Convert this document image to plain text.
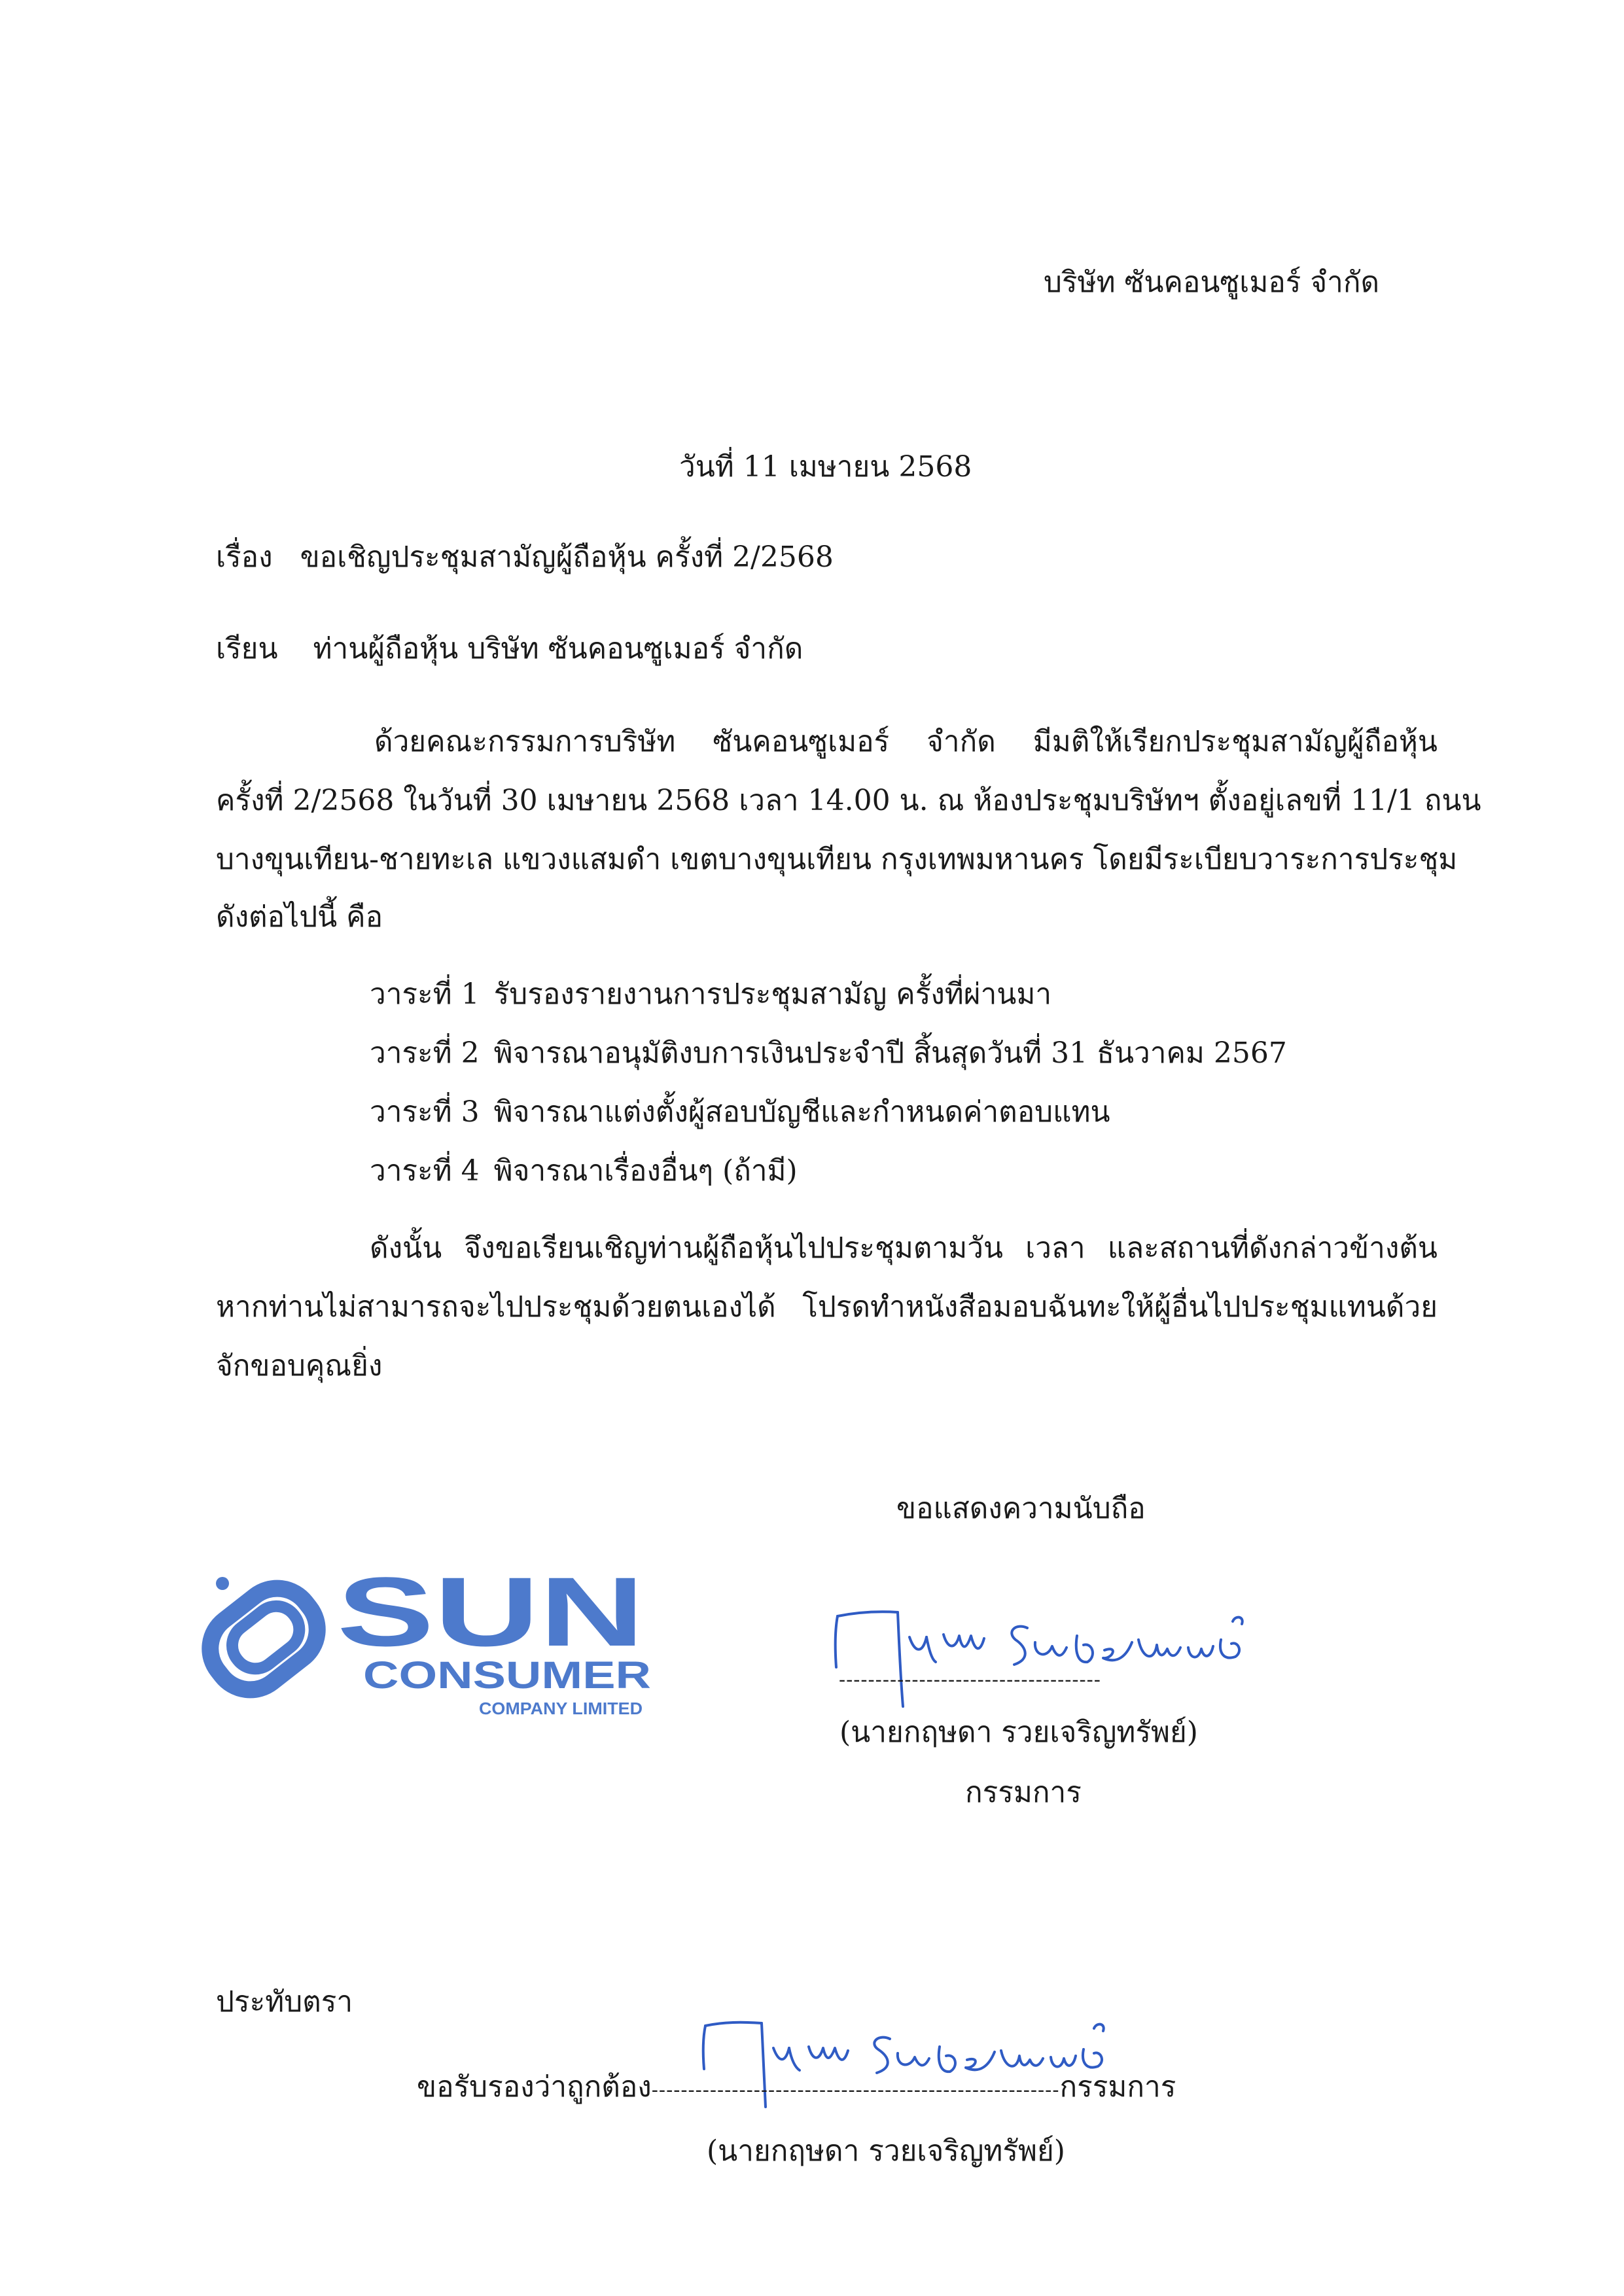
บริษัท ซันคอนซูเมอร์ จำกัด
วันที่ 11 เมษายน 2568
เรื่อง ขอเชิญประชุมสามัญผู้ถือหุ้น ครั้งที่ 2/2568
เรียน ท่านผู้ถือหุ้น บริษัท ซันคอนซูเมอร์ จำกัด
ด้วยคณะกรรมการบริษัท ซันคอนซูเมอร์ จำกัด มีมติให้เรียกประชุมสามัญผู้ถือหุ้น
ครั้งที่ 2/2568 ในวันที่ 30 เมษายน 2568 เวลา 14.00 น. ณ ห้องประชุมบริษัทฯ ตั้งอยู่เลขที่ 11/1 ถนน
บางขุนเทียน-ชายทะเล แขวงแสมดำ เขตบางขุนเทียน กรุงเทพมหานคร โดยมีระเบียบวาระการประชุม
ดังต่อไปนี้ คือ
วาระที่ 1 รับรองรายงานการประชุมสามัญ ครั้งที่ผ่านมา
วาระที่ 2 พิจารณาอนุมัติงบการเงินประจำปี สิ้นสุดวันที่ 31 ธันวาคม 2567
วาระที่ 3 พิจารณาแต่งตั้งผู้สอบบัญชีและกำหนดค่าตอบแทน
วาระที่ 4 พิจารณาเรื่องอื่นๆ (ถ้ามี)
ดังนั้น จึงขอเรียนเชิญท่านผู้ถือหุ้นไปประชุมตามวัน เวลา และสถานที่ดังกล่าวข้างต้น
หากท่านไม่สามารถจะไปประชุมด้วยตนเองได้ โปรดทำหนังสือมอบฉันทะให้ผู้อื่นไปประชุมแทนด้วย
จักขอบคุณยิ่ง
ขอแสดงความนับถือ
SUN
CONSUMER
COMPANY LIMITED
------------------------------------
(นายกฤษดา รวยเจริญทรัพย์)
กรรมการ
ประทับตรา
ขอรับรองว่าถูกต้อง--------------------------------------------------------กรรมการ
(นายกฤษดา รวยเจริญทรัพย์)
